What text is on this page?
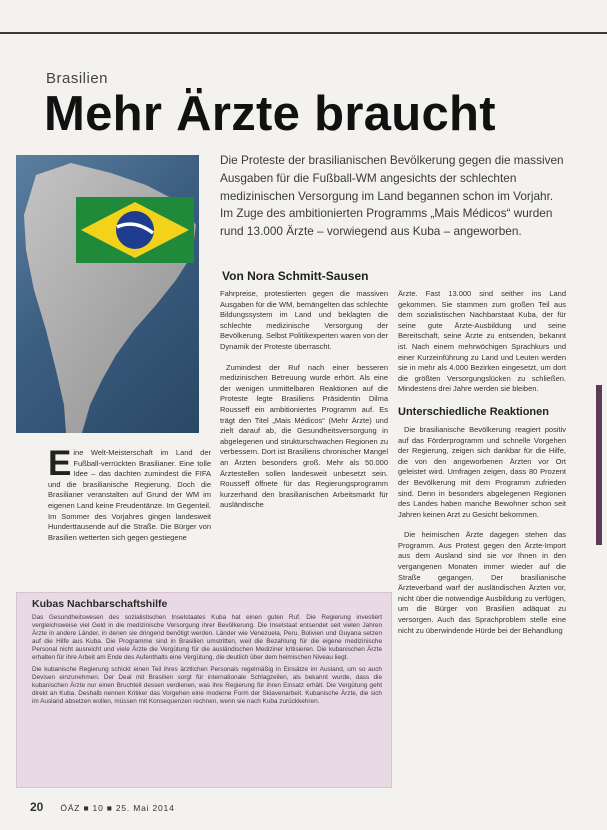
Brasilien
Mehr Ärzte braucht

Die Proteste der brasilianischen Bevölkerung gegen die massiven Ausgaben für die Fußball-WM angesichts der schlechten medizinischen Versorgung im Land begannen schon im Vorjahr. Im Zuge des ambitionierten Programms „Mais Médicos“ wurden rund 13.000 Ärzte – vorwiegend aus Kuba – angeworben.

Von Nora Schmitt-Sausen

Eine Welt-Meisterschaft im Land der Fußball-verrückten Brasilianer. Eine tolle Idee – das dachten zumindest die FIFA und die brasilianische Regierung. Doch die Brasilianer veranstalten auf Grund der WM im eigenen Land keine Freudentänze. Im Gegenteil. Im Sommer des Vorjahres gingen landesweit Hunderttausende auf die Straße. Die Bürger von Brasilien wetterten sich gegen gestiegene

Fahrpreise, protestierten gegen die massiven Ausgaben für die WM, bemängelten das schlechte Bildungssystem im Land und beklagten die schlechte medizinische Versorgung der Bevölkerung. Selbst Politikexperten waren von der Dynamik der Proteste überrascht.

Zumindest der Ruf nach einer besseren medizinischen Betreuung wurde erhört. Als eine der wenigen unmittelbaren Reaktionen auf die Proteste legte Brasiliens Präsidentin Dilma Rousseff ein ambitioniertes Programm auf. Es trägt den Titel „Mais Médicos“ (Mehr Ärzte) und zielt darauf ab, die Gesundheitsversorgung in abgelegenen und strukturschwachen Regionen zu verbessern. Dort ist Brasiliens chronischer Mangel an Ärzten besonders groß. Mehr als 50.000 Ärztestellen sollen landesweit unbesetzt sein. Rousseff öffnete für das Regierungsprogramm kurzerhand den brasilianischen Arbeitsmarkt für ausländische

Ärzte. Fast 13.000 sind seither ins Land gekommen. Sie stammen zum großen Teil aus dem sozialistischen Nachbarstaat Kuba, der für seine gute Ärzte-Ausbildung und seine Bereitschaft, seine Ärzte zu entsenden, bekannt ist. Nach einem mehrwöchigen Sprachkurs und einer Kurzeinführung zu Land und Leuten werden sie in mehr als 4.000 Bezirken eingesetzt, um dort die größten Versorgungslücken zu schließen. Mindestens drei Jahre werden sie bleiben.

Unterschiedliche Reaktionen

Die brasilianische Bevölkerung reagiert positiv auf das Förderprogramm und schnelle Vorgehen der Regierung, zeigen sich dankbar für die Hilfe, die von den angeworbenen Ärzten vor Ort geleistet wird. Umfragen zeigen, dass 80 Prozent der Bevölkerung mit dem Programm zufrieden sind. Denn in besonders abgelegenen Regionen des Landes haben manche Bewohner schon seit Jahren keinen Arzt zu Gesicht bekommen.

Die heimischen Ärzte dagegen stehen das Programm. Aus Protest gegen den Ärzte-Import aus dem Ausland sind sie vor Ihnen in den vergangenen Monaten immer wieder auf die Straße gegangen. Der brasilianische Ärzteverband warf der ausländischen Ärzten vor, nicht über die notwendige Ausbildung zu verfügen, um die Bürger von Brasilien adäquat zu versorgen. Auch das Sprachproblem stelle eine nicht zu überwindende Hürde bei der Behandlung

Kubas Nachbarschaftshilfe

Das Gesundheitswesen des sozialistischen Inselstaates Kuba hat einen guten Ruf. Die Regierung investiert vergleichsweise viel Geld in die medizinische Versorgung ihrer Bevölkerung. Die Inselstaat entsendet seit vielen Jahren Ärzte in andere Länder, in denen sie dringend benötigt werden. Länder wie Venezuela, Peru, Bolivien und Guyana setzen auf die Hilfe aus Kuba. Die Programme sind in Brasilien umstritten, weil die Bezahlung für die eigene medizinische Personal nicht ausreicht und viele Ärzte die Vergütung für die ausländischen Mediziner kritisieren. Die kubanischen Ärzte erhalten für ihre Arbeit am Ende des Aufenthalts eine Vergütung, die deutlich über dem heimischen Niveau liegt.

Die kubanische Regierung schickt einen Teil ihres ärztlichen Personals regelmäßig in Einsätze im Ausland, um so auch Devisen einzunehmen. Der Deal mit Brasilien sorgt für internationale Schlagzeilen, als bekannt wurde, dass die kubanischen Ärzte nur einen Bruchteil dessen verdienen, was ihre Regierung für ihren Einsatz erhält. Die Vergütung geht direkt an Kuba. Deshalb nennen Kritiker das Vorgehen eine moderne Form der Sklavenarbeit. Kubanische Ärzte, die sich im Ausland absetzen wollen, müssen mit Konsequenzen rechnen, wenn sie nach Kuba zurückkehren.

20 ÖÄZ ■ 10 ■ 25. Mai 2014
